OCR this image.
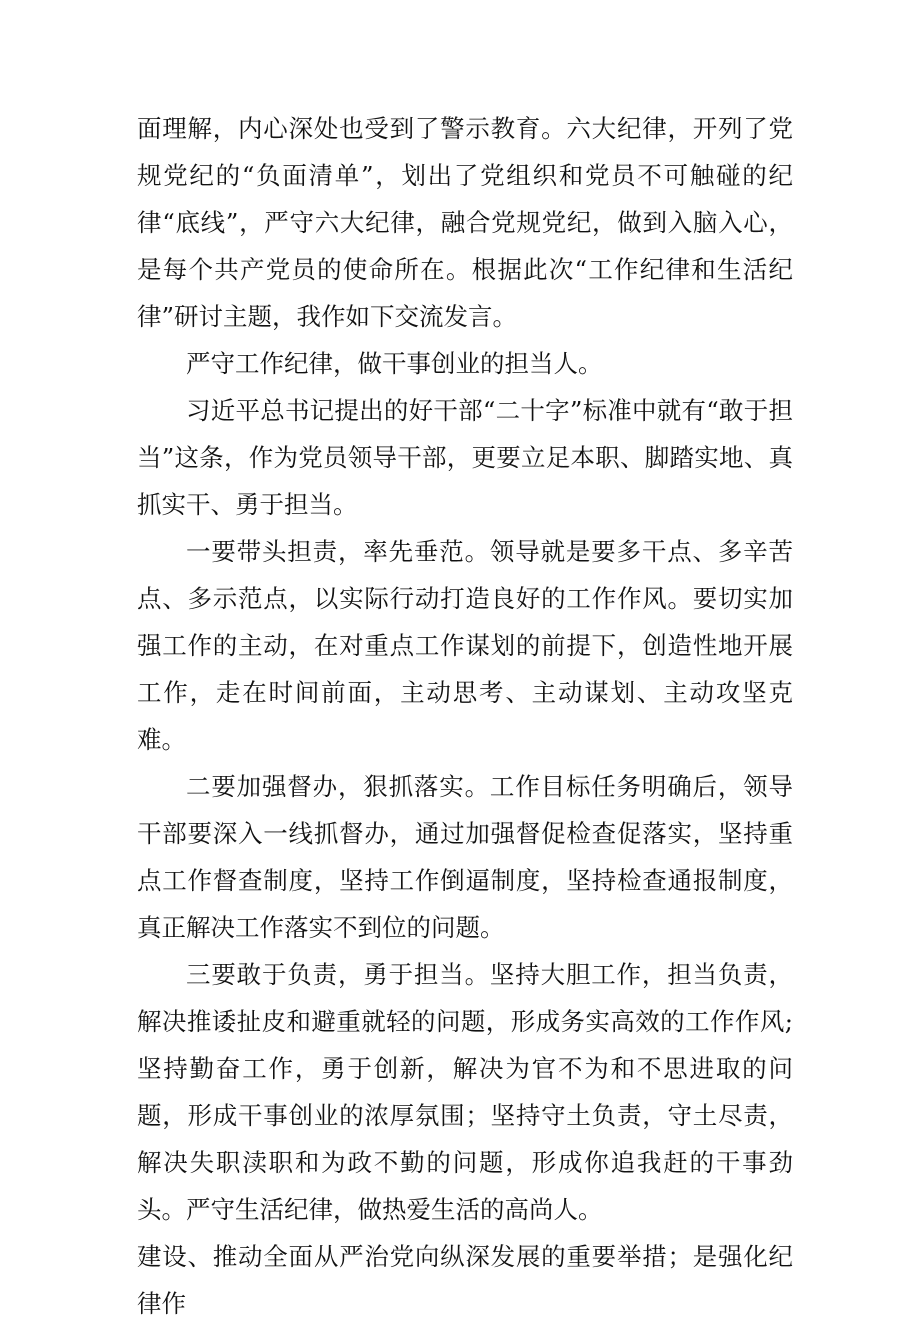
面理解，内心深处也受到了警示教育。六大纪律，开列了党规党纪的“负面清单”，划出了党组织和党员不可触碰的纪律“底线”，严守六大纪律，融合党规党纪，做到入脑入心，是每个共产党员的使命所在。根据此次“工作纪律和生活纪律”研讨主题，我作如下交流发言。

严守工作纪律，做干事创业的担当人。

习近平总书记提出的好干部“二十字”标准中就有“敢于担当”这条，作为党员领导干部，更要立足本职、脚踏实地、真抓实干、勇于担当。

一要带头担责，率先垂范。领导就是要多干点、多辛苦点、多示范点，以实际行动打造良好的工作作风。要切实加强工作的主动，在对重点工作谋划的前提下，创造性地开展工作，走在时间前面，主动思考、主动谋划、主动攻坚克难。

二要加强督办，狠抓落实。工作目标任务明确后，领导干部要深入一线抓督办，通过加强督促检查促落实，坚持重点工作督查制度，坚持工作倒逼制度，坚持检查通报制度，真正解决工作落实不到位的问题。

三要敢于负责，勇于担当。坚持大胆工作，担当负责，解决推诿扯皮和避重就轻的问题，形成务实高效的工作作风;坚持勤奋工作，勇于创新，解决为官不为和不思进取的问题，形成干事创业的浓厚氛围；坚持守土负责，守土尽责，解决失职渎职和为政不勤的问题，形成你追我赶的干事劲头。严守生活纪律，做热爱生活的高尚人。

建设、推动全面从严治党向纵深发展的重要举措；是强化纪律作
